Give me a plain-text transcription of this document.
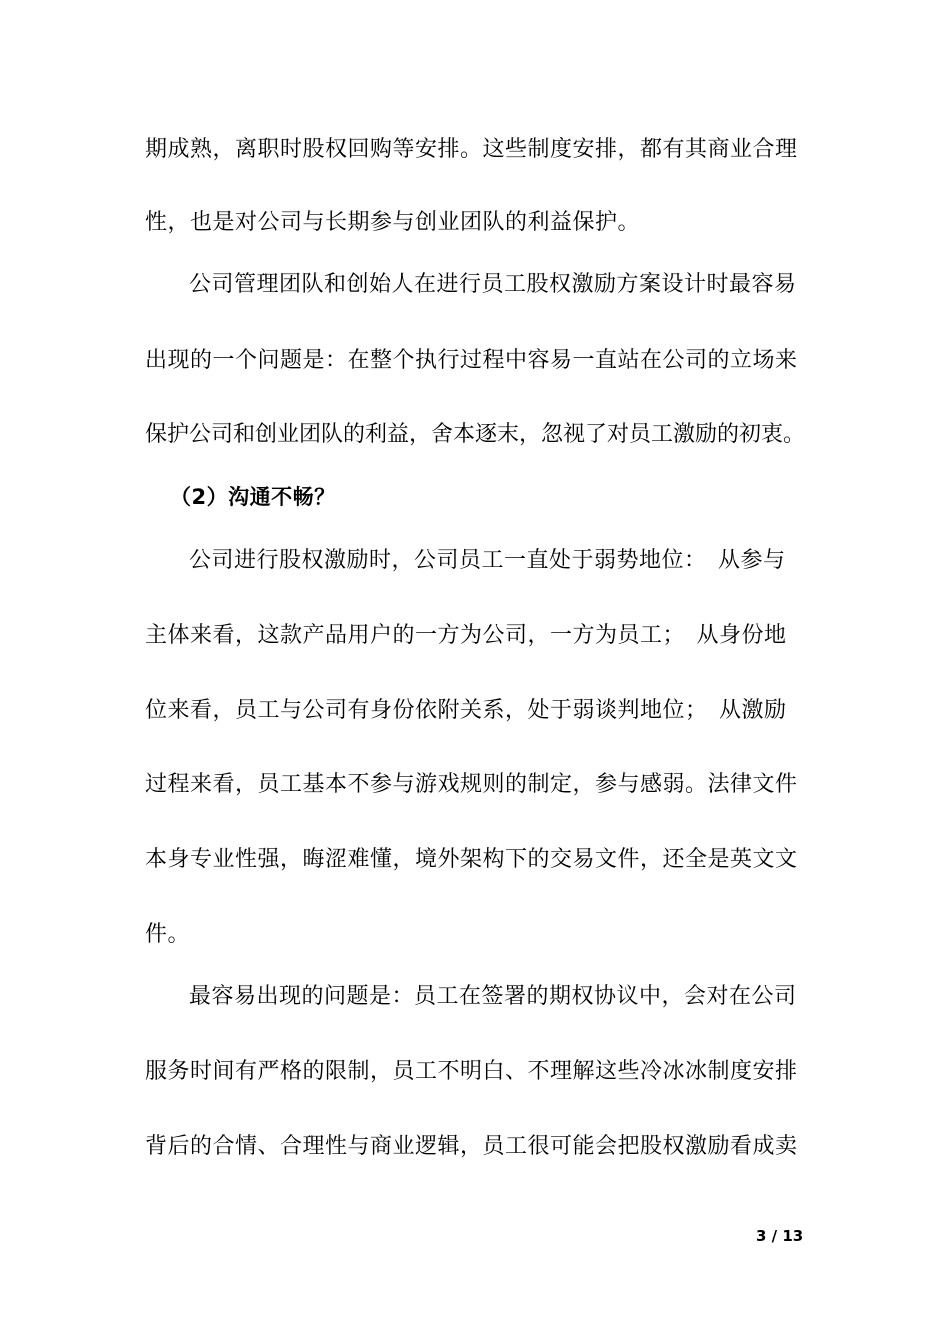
期成熟，离职时股权回购等安排。这些制度安排，都有其商业合理
性，也是对公司与长期参与创业团队的利益保护。
公司管理团队和创始人在进行员工股权激励方案设计时最容易
出现的一个问题是：在整个执行过程中容易一直站在公司的立场来
保护公司和创业团队的利益，舍本逐末，忽视了对员工激励的初衷。
（2）沟通不畅？
公司进行股权激励时，公司员工一直处于弱势地位：　从参与
主体来看，这款产品用户的一方为公司，一方为员工；　从身份地
位来看，员工与公司有身份依附关系，处于弱谈判地位；　从激励
过程来看，员工基本不参与游戏规则的制定，参与感弱。法律文件
本身专业性强，晦涩难懂，境外架构下的交易文件，还全是英文文
件。
最容易出现的问题是：员工在签署的期权协议中，会对在公司
服务时间有严格的限制，员工不明白、不理解这些冷冰冰制度安排
背后的合情、合理性与商业逻辑，员工很可能会把股权激励看成卖
3 / 13
